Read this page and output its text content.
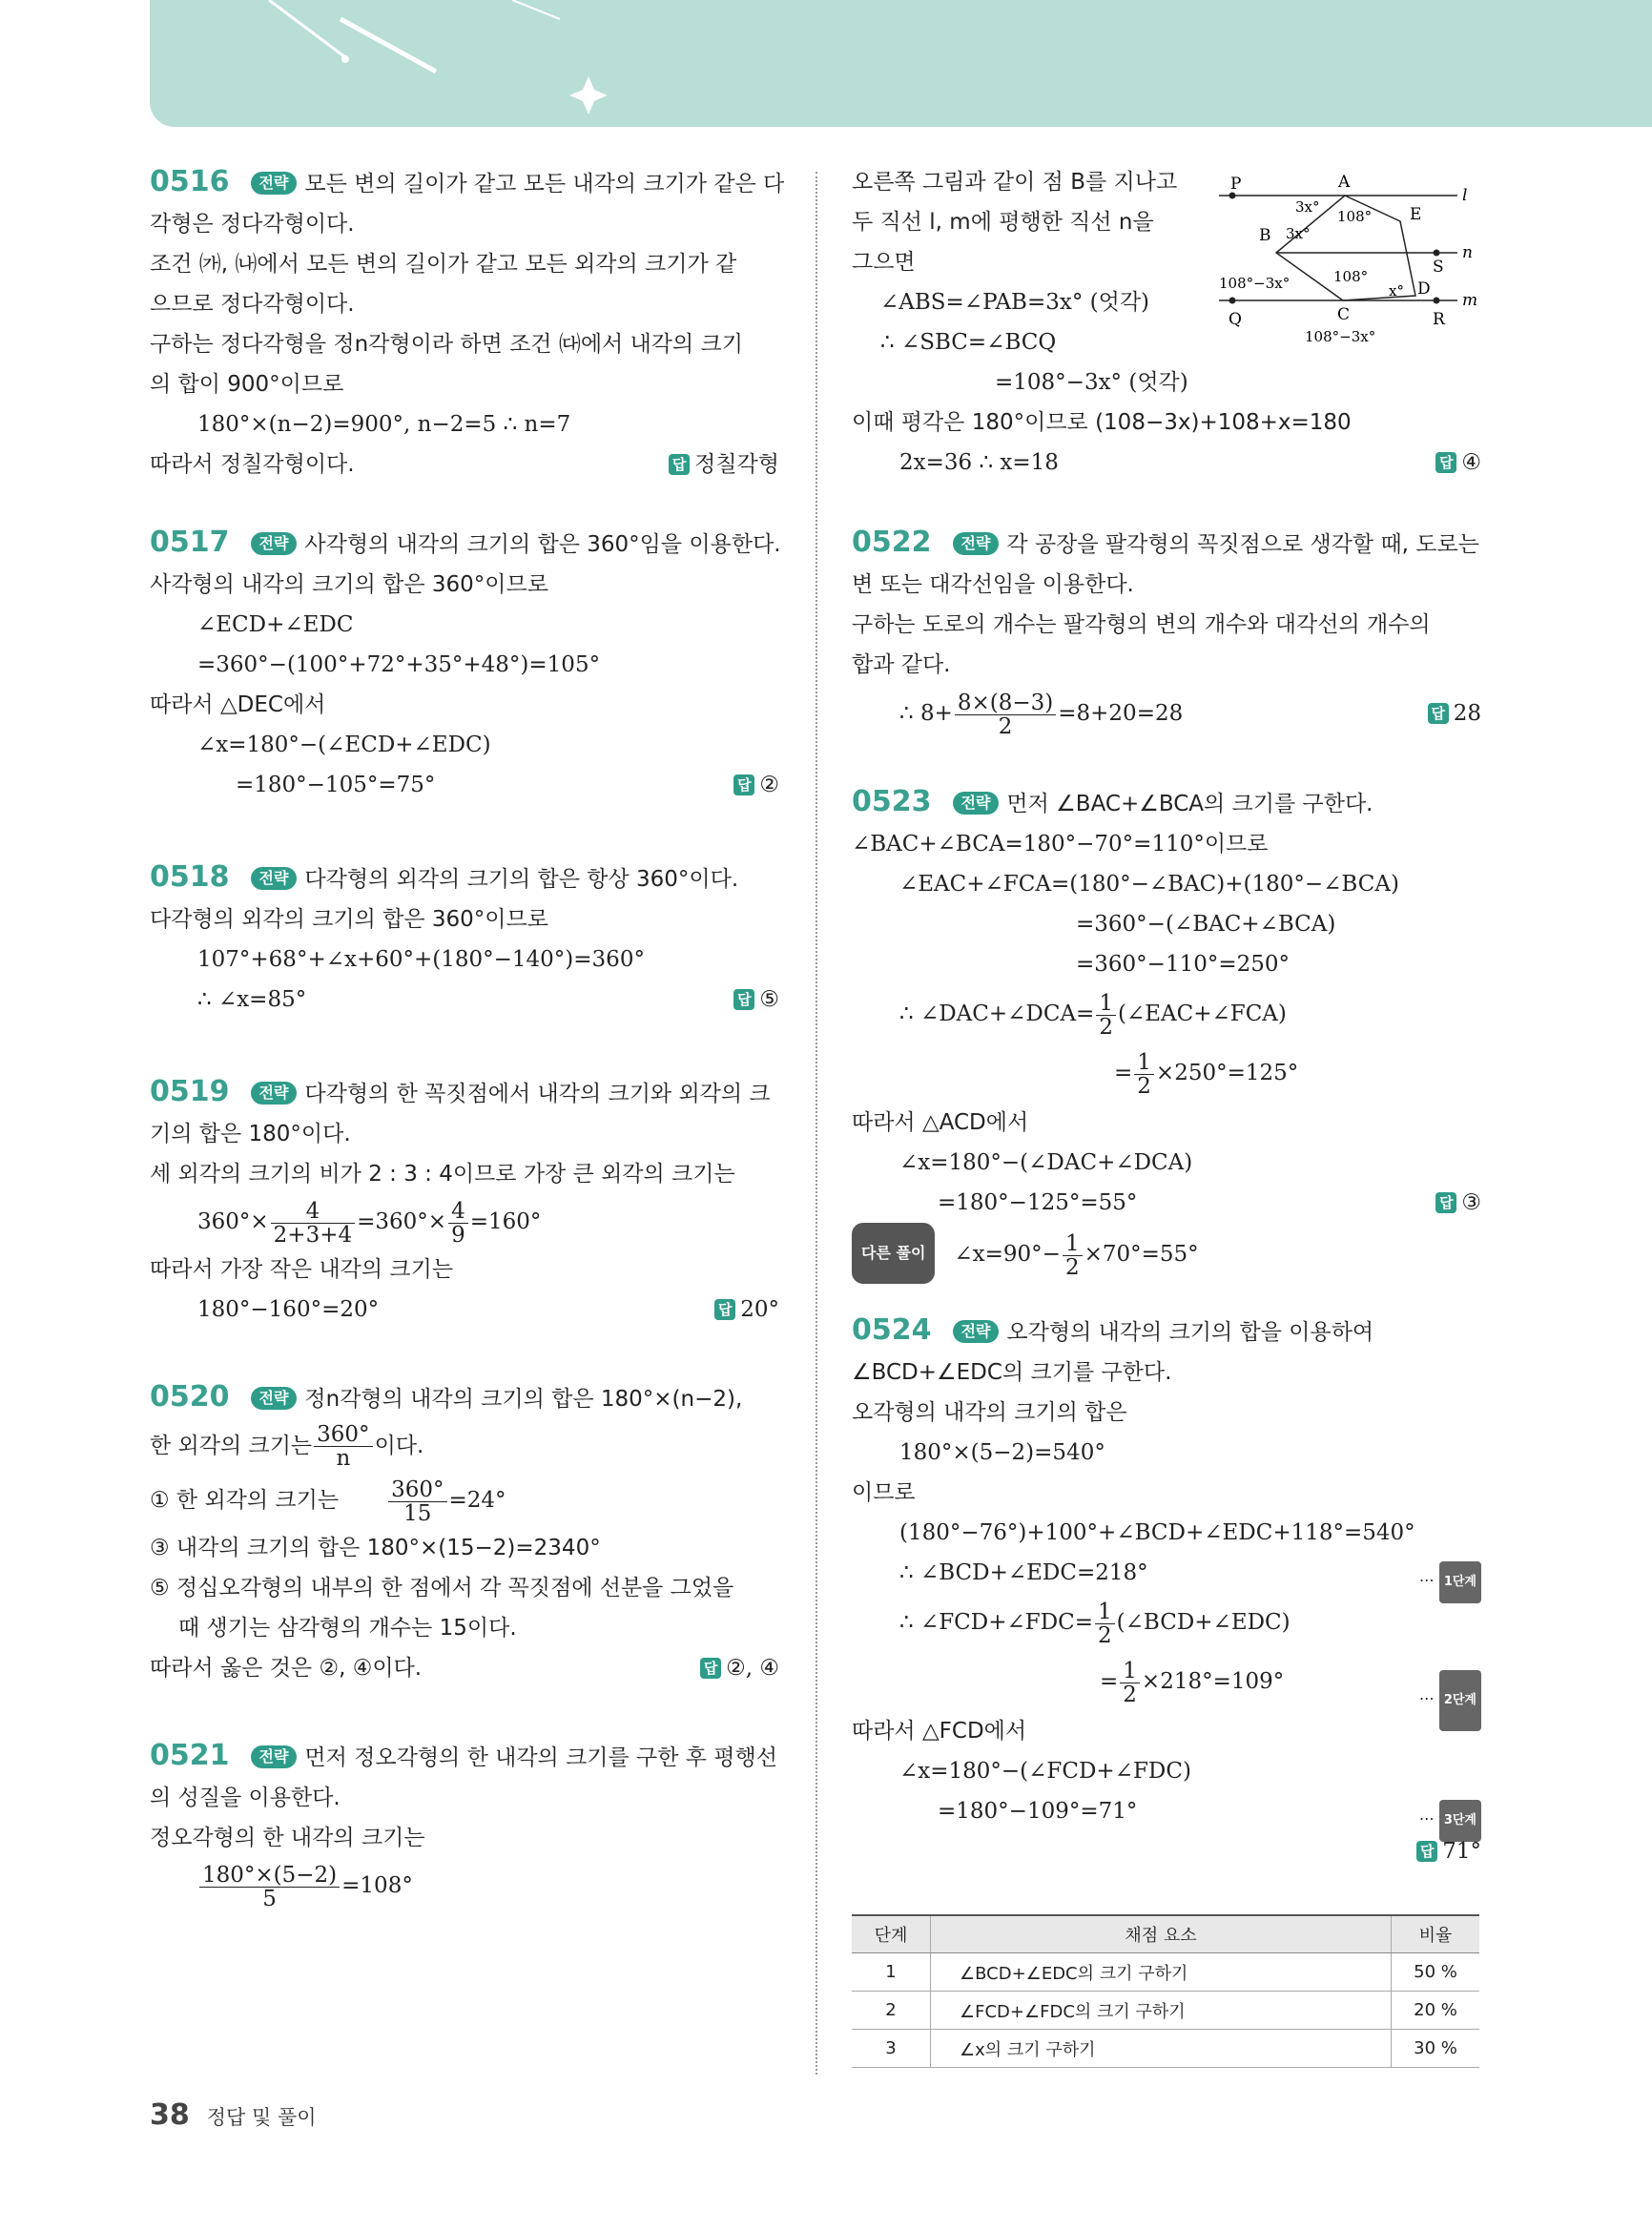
0516 전략 모든 변의 길이가 같고 모든 내각의 크기가 같은 다
각형은 정다각형이다.
조건 ㈎, ㈏에서 모든 변의 길이가 같고 모든 외각의 크기가 같
으므로 정다각형이다.
구하는 정다각형을 정n각형이라 하면 조건 ㈐에서 내각의 크기
의 합이 900°이므로
180°×(n−2)=900°, n−2=5 ∴ n=7
따라서 정칠각형이다.	답 정칠각형
0517 전략 사각형의 내각의 크기의 합은 360°임을 이용한다.
사각형의 내각의 크기의 합은 360°이므로
∠ECD+∠EDC
=360°−(100°+72°+35°+48°)=105°
따라서 △DEC에서
∠x=180°−(∠ECD+∠EDC)
=180°−105°=75°	답 ②
0518 전략 다각형의 외각의 크기의 합은 항상 360°이다.
다각형의 외각의 크기의 합은 360°이므로
107°+68°+∠x+60°+(180°−140°)=360°
∴ ∠x=85°	답 ⑤
0519 전략 다각형의 한 꼭짓점에서 내각의 크기와 외각의 크
기의 합은 180°이다.
세 외각의 크기의 비가 2 : 3 : 4이므로 가장 큰 외각의 크기는
$360^\circ\times \frac{4}{2+3+4} =360^\circ\times \frac{4}{9} =160^\circ$
따라서 가장 작은 내각의 크기는
180°−160°=20°	답 20°
0520 전략 정n각형의 내각의 크기의 합은 180°×(n−2),
한 외각의 크기는 $\frac{360^\circ}{n}$ 이다.
① 한 외각의 크기는 $\frac{360^\circ}{15} =24^\circ$
③ 내각의 크기의 합은 180°×(15−2)=2340°
⑤ 정십오각형의 내부의 한 점에서 각 꼭짓점에 선분을 그었을
때 생기는 삼각형의 개수는 15이다.
따라서 옳은 것은 ②, ④이다.	답 ②, ④
0521 전략 먼저 정오각형의 한 내각의 크기를 구한 후 평행선
의 성질을 이용한다.
정오각형의 한 내각의 크기는
$\frac{180^\circ\times(5-2)}{5} =108^\circ$
오른쪽 그림과 같이 점 B를 지나고
두 직선 l, m에 평행한 직선 n을
그으면
∠ABS=∠PAB=3x° (엇각)
∴ ∠SBC=∠BCQ
=108°−3x° (엇각)
이때 평각은 180°이므로 (108−3x)+108+x=180
2x=36 ∴ x=18	답 ④
0522 전략 각 공장을 팔각형의 꼭짓점으로 생각할 때, 도로는
변 또는 대각선임을 이용한다.
구하는 도로의 개수는 팔각형의 변의 개수와 대각선의 개수의
합과 같다.
∴ $8+ \frac{8\times(8-3)}{2} =8+20=28$	답 28
0523 전략 먼저 ∠BAC+∠BCA의 크기를 구한다.
∠BAC+∠BCA=180°−70°=110°이므로
∠EAC+∠FCA=(180°−∠BAC)+(180°−∠BCA)
=360°−(∠BAC+∠BCA)
=360°−110°=250°
∴ ∠DAC+∠DCA= $\frac{1}{2}$ (∠EAC+∠FCA)
= $\frac{1}{2} \times 250^\circ=125^\circ$
따라서 △ACD에서
∠x=180°−(∠DAC+∠DCA)
=180°−125°=55°	답 ③
다른 풀이 ∠x=90°− $\frac{1}{2} \times 70^\circ=55^\circ$
0524 전략 오각형의 내각의 크기의 합을 이용하여
∠BCD+∠EDC의 크기를 구한다.
오각형의 내각의 크기의 합은
180°×(5−2)=540°
이므로
(180°−76°)+100°+∠BCD+∠EDC+118°=540°
∴ ∠BCD+∠EDC=218°	⋯ 1단계
∴ ∠FCD+∠FDC= $\frac{1}{2}$ (∠BCD+∠EDC)
= $\frac{1}{2} \times 218^\circ=109^\circ$
⋯ 2단계
따라서 △FCD에서
∠x=180°−(∠FCD+∠FDC)
=180°−109°=71°	⋯ 3단계
답 71°

P	A
B
E
S
D
C
Q	R
l
n
m
3x°
108°
3x°
108°−3x°	108°
x°
108°−3x°
단계	채점 요소	비율
1	∠BCD+∠EDC의 크기 구하기	50 %
2	∠FCD+∠FDC의 크기 구하기	20 %
3	∠x의 크기 구하기	30 %
38 정답 및 풀이
